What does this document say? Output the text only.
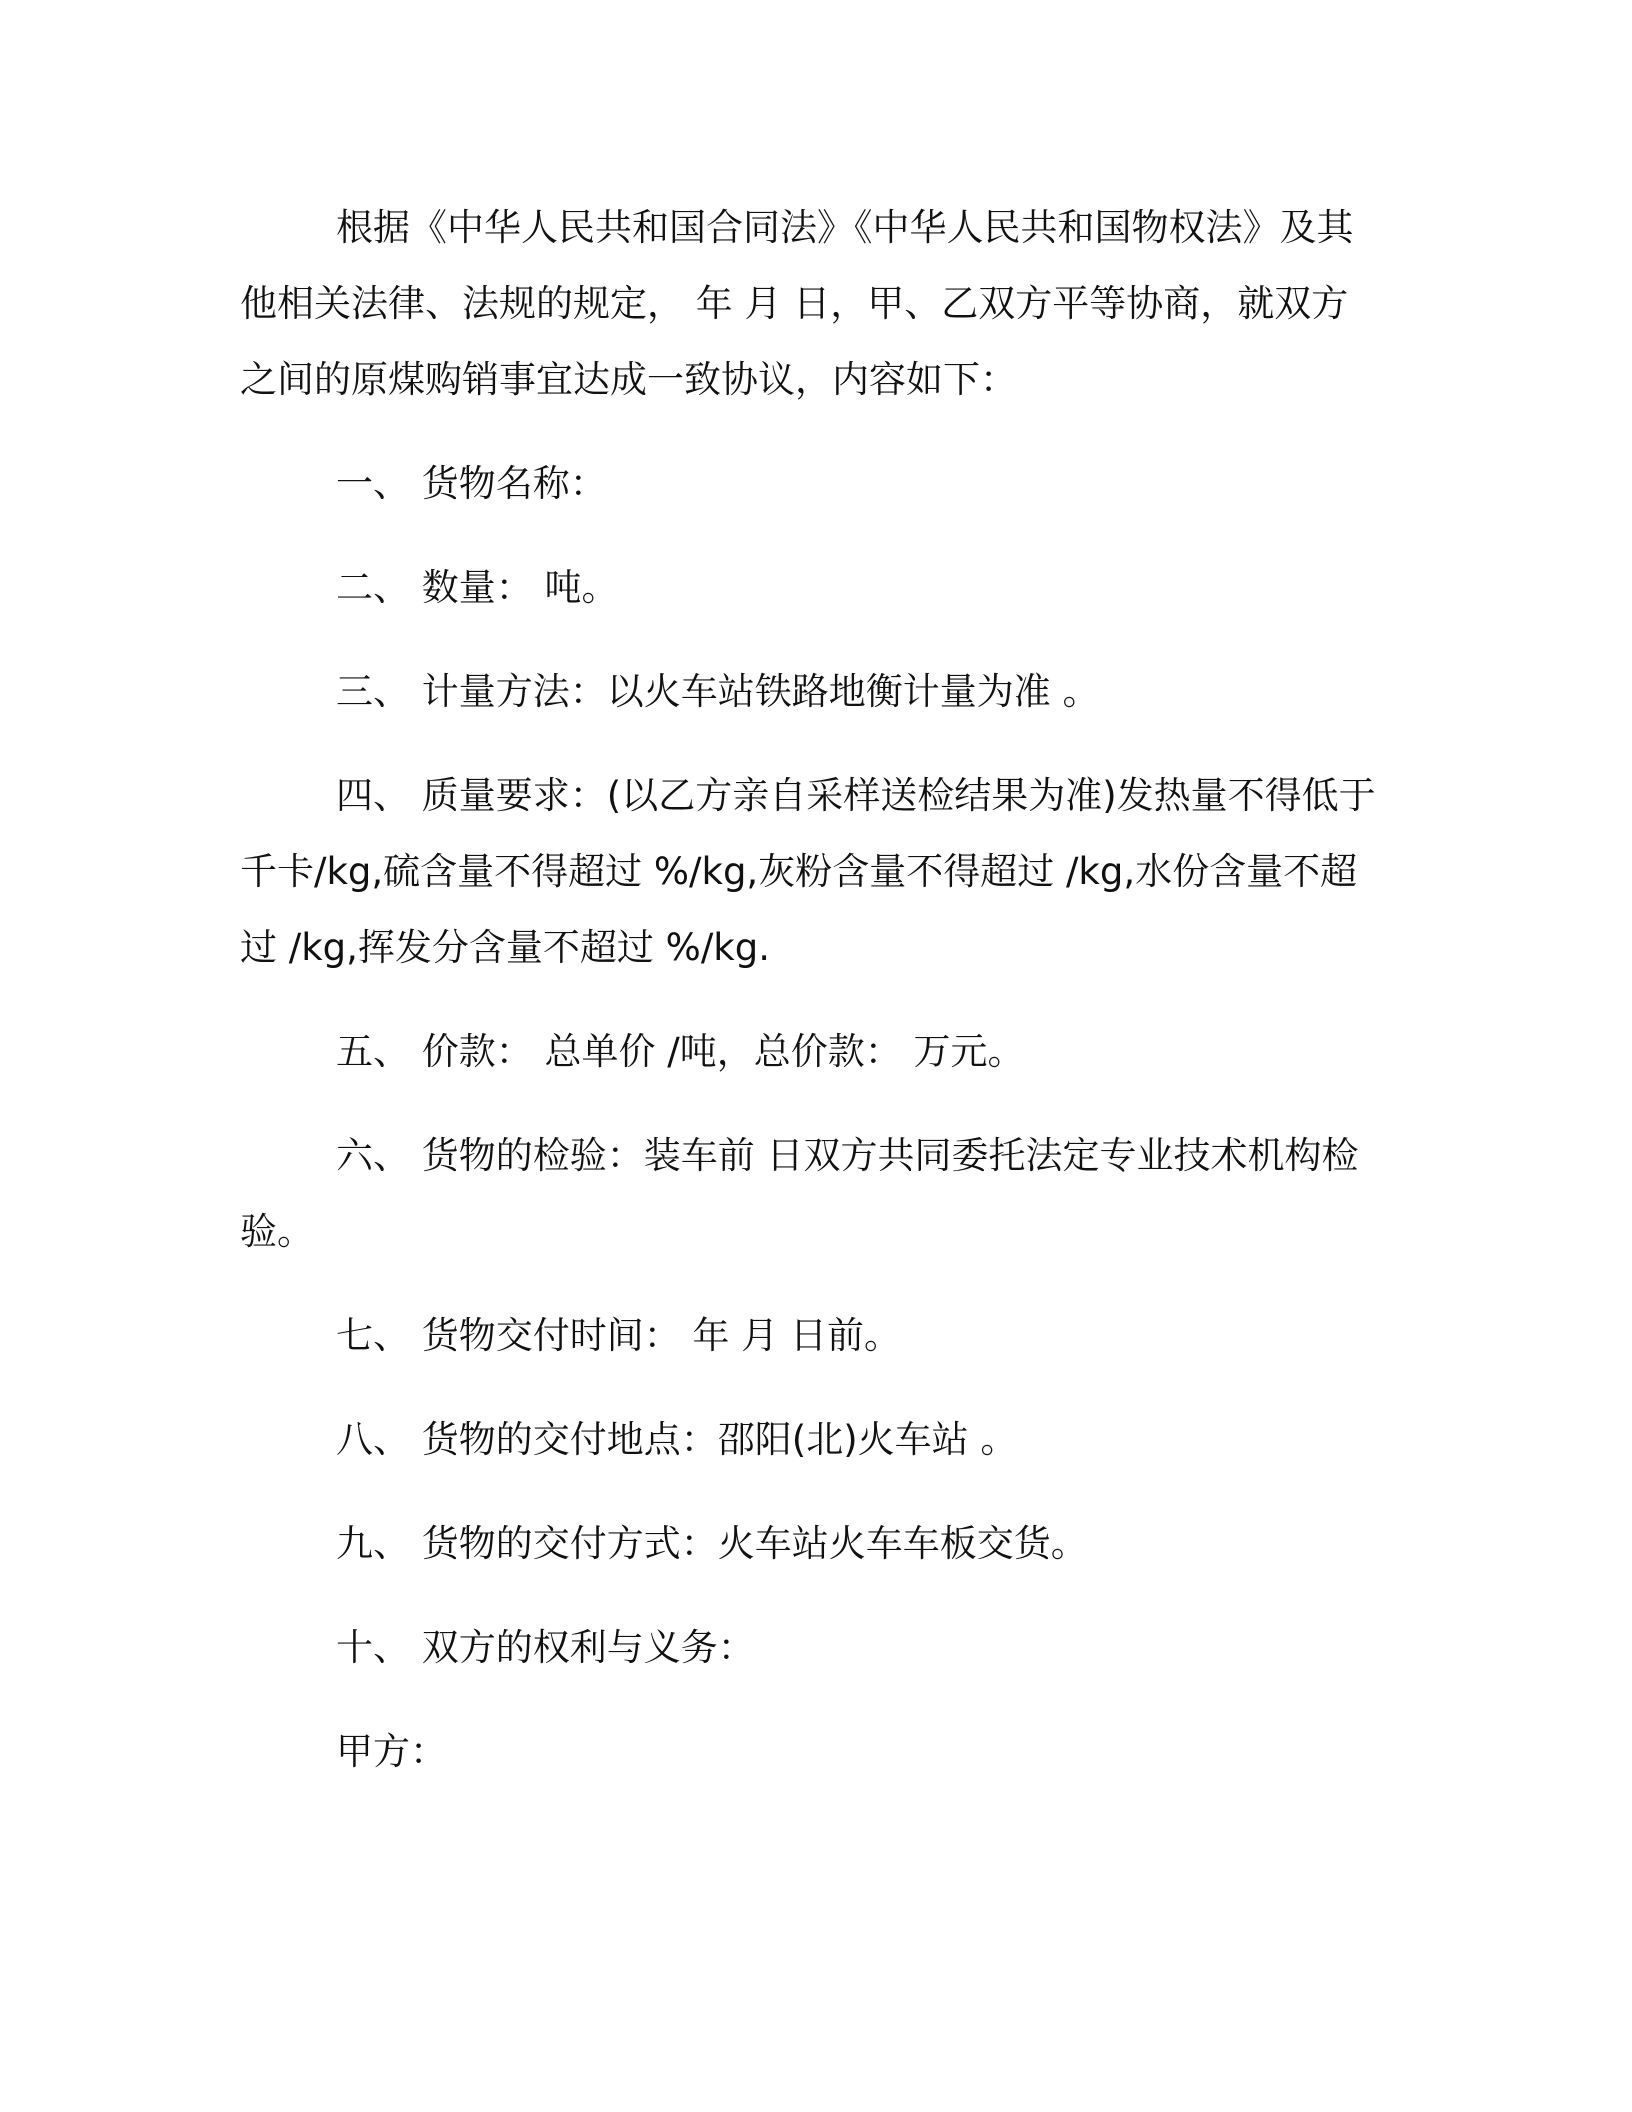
根据《中华人民共和国合同法》《中华人民共和国物权法》及其他相关法律、法规的规定， 年 月 日，甲、乙双方平等协商，就双方之间的原煤购销事宜达成一致协议，内容如下：

一、 货物名称：

二、 数量： 吨。

三、 计量方法：以火车站铁路地衡计量为准 。

四、 质量要求：(以乙方亲自采样送检结果为准)发热量不得低于千卡/kg,硫含量不得超过 %/kg,灰粉含量不得超过 /kg,水份含量不超过 /kg,挥发分含量不超过 %/kg.

五、 价款： 总单价 /吨，总价款： 万元。

六、 货物的检验：装车前 日双方共同委托法定专业技术机构检验。

七、 货物交付时间： 年 月 日前。

八、 货物的交付地点：邵阳(北)火车站 。

九、 货物的交付方式：火车站火车车板交货。

十、 双方的权利与义务：

甲方：
